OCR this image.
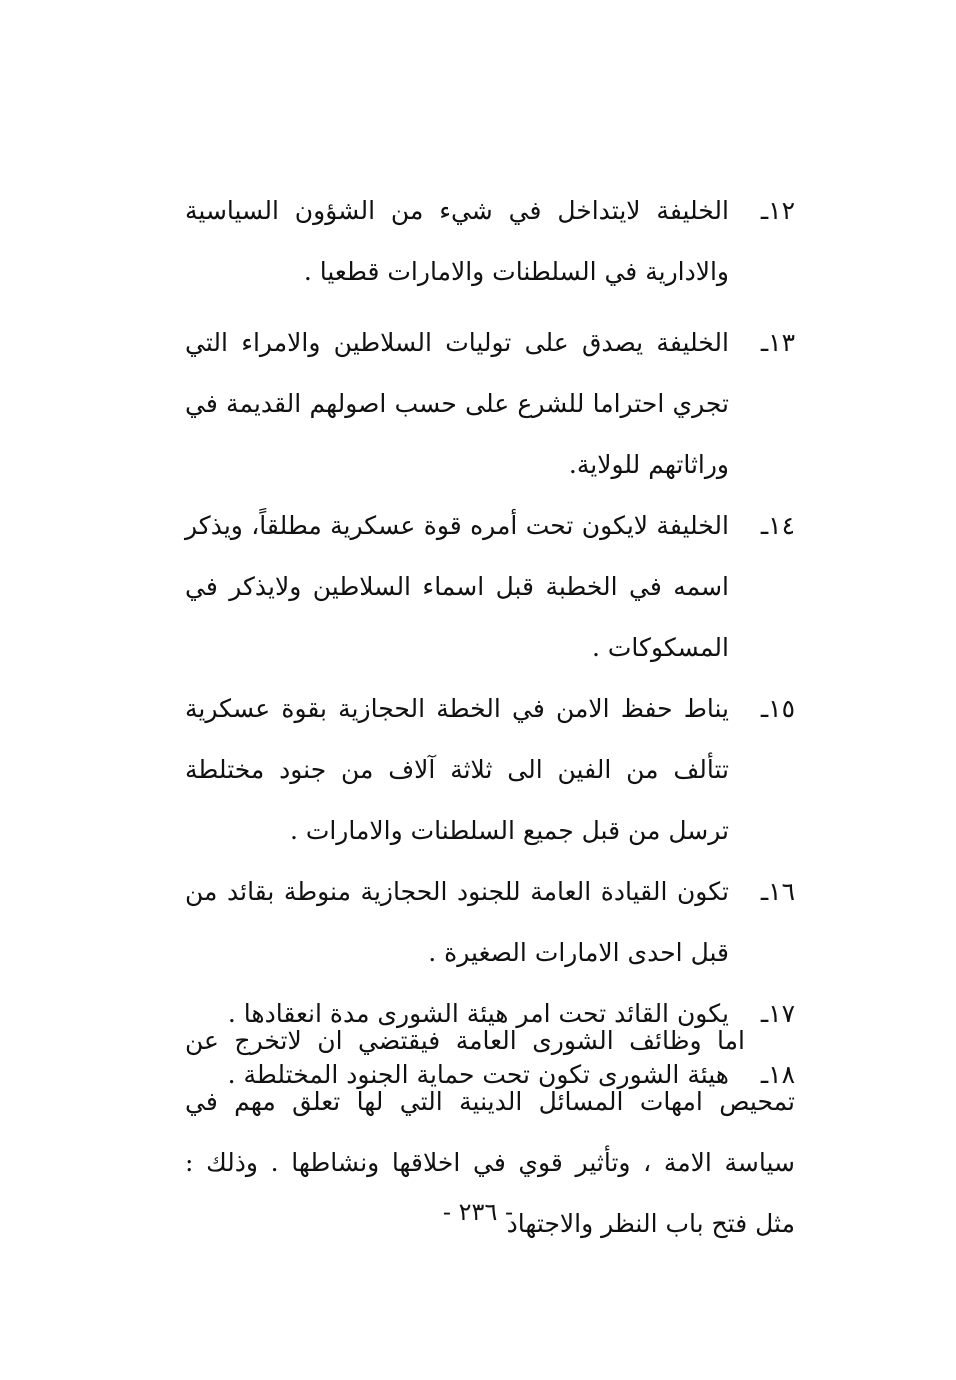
١٢ـ
الخليفة لايتداخل في شيء من الشؤون السياسية والادارية في السلطنات والامارات قطعيا .
١٣ـ
الخليفة يصدق على توليات السلاطين والامراء التي تجري احتراما للشرع على حسب اصولهم القديمة في وراثاتهم للولاية.
١٤ـ
الخليفة لايكون تحت أمره قوة عسكرية مطلقاً، ويذكر اسمه في الخطبة قبل اسماء السلاطين ولايذكر في المسكوكات .
١٥ـ
يناط حفظ الامن في الخطة الحجازية بقوة عسكرية تتألف من الفين الى ثلاثة آلاف من جنود مختلطة ترسل من قبل جميع السلطنات والامارات .
١٦ـ
تكون القيادة العامة للجنود الحجازية منوطة بقائد من قبل احدى الامارات الصغيرة .
١٧ـ
يكون القائد تحت امر هيئة الشورى مدة انعقادها .
١٨ـ
هيئة الشورى تكون تحت حماية الجنود المختلطة .
اما وظائف الشورى العامة فيقتضي ان لاتخرج عن تمحيص امهات المسائل الدينية التي لها تعلق مهم في سياسة الامة ، وتأثير قوي في اخلاقها ونشاطها . وذلك : مثل فتح باب النظر والاجتهاد
- ٢٣٦ -
